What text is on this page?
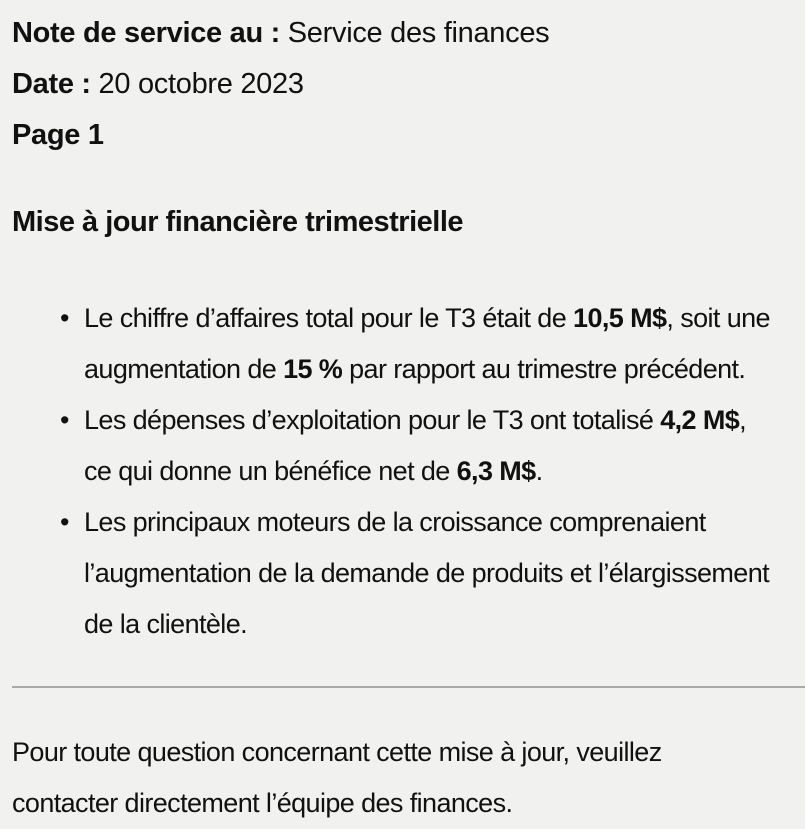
Note de service au : Service des finances
Date : 20 octobre 2023
Page 1
Mise à jour financière trimestrielle
• Le chiffre d’affaires total pour le T3 était de 10,5 M$, soit une
augmentation de 15 % par rapport au trimestre précédent.
• Les dépenses d’exploitation pour le T3 ont totalisé 4,2 M$,
ce qui donne un bénéfice net de 6,3 M$.
• Les principaux moteurs de la croissance comprenaient
l’augmentation de la demande de produits et l’élargissement
de la clientèle.
Pour toute question concernant cette mise à jour, veuillez
contacter directement l’équipe des finances.
